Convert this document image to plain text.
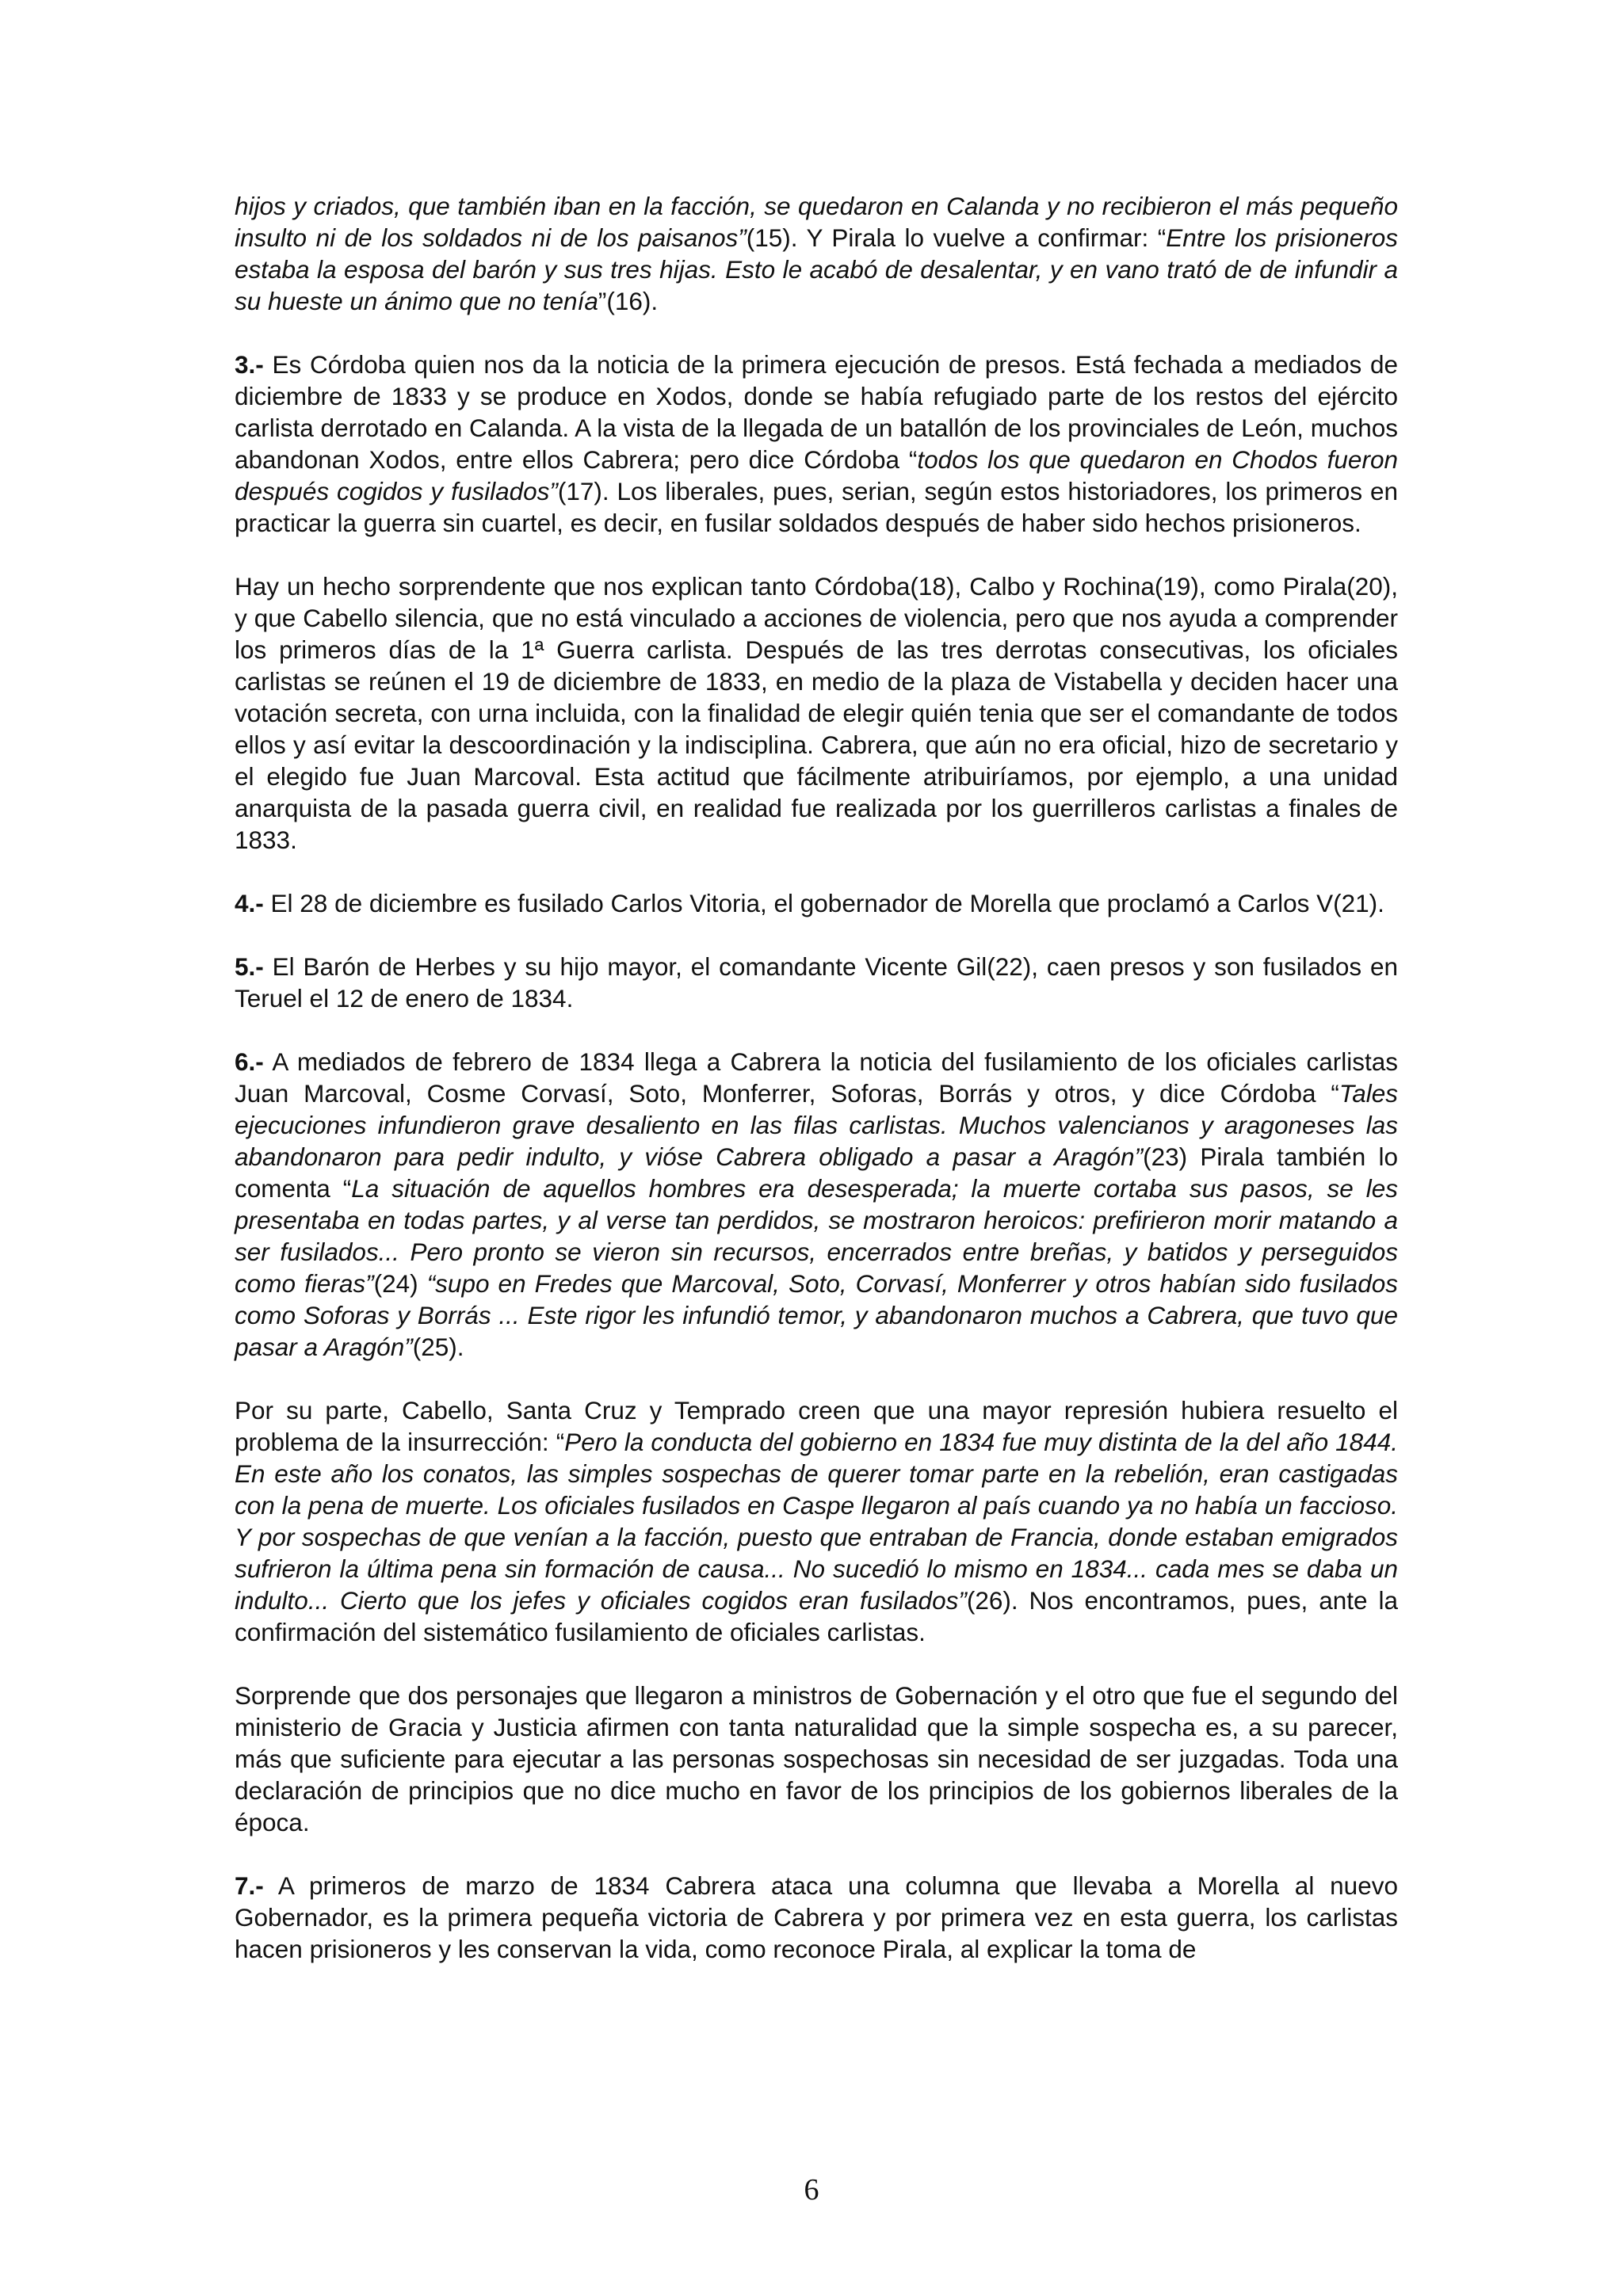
hijos y criados, que también iban en la facción, se quedaron en Calanda y no recibieron el más pequeño insulto ni de los soldados ni de los paisanos”(15). Y Pirala lo vuelve a confirmar: “Entre los prisioneros estaba la esposa del barón y sus tres hijas. Esto le acabó de desalentar, y en vano trató de de infundir a su hueste un ánimo que no tenía”(16).

3.- Es Córdoba quien nos da la noticia de la primera ejecución de presos. Está fechada a mediados de diciembre de 1833 y se produce en Xodos, donde se había refugiado parte de los restos del ejército carlista derrotado en Calanda. A la vista de la llegada de un batallón de los provinciales de León, muchos abandonan Xodos, entre ellos Cabrera; pero dice Córdoba “todos los que quedaron en Chodos fueron después cogidos y fusilados”(17). Los liberales, pues, serian, según estos historiadores, los primeros en practicar la guerra sin cuartel, es decir, en fusilar soldados después de haber sido hechos prisioneros.

Hay un hecho sorprendente que nos explican tanto Córdoba(18), Calbo y Rochina(19), como Pirala(20), y que Cabello silencia, que no está vinculado a acciones de violencia, pero que nos ayuda a comprender los primeros días de la 1ª Guerra carlista. Después de las tres derrotas consecutivas, los oficiales carlistas se reúnen el 19 de diciembre de 1833, en medio de la plaza de Vistabella y deciden hacer una votación secreta, con urna incluida, con la finalidad de elegir quién tenia que ser el comandante de todos ellos y así evitar la descoordinación y la indisciplina. Cabrera, que aún no era oficial, hizo de secretario y el elegido fue Juan Marcoval. Esta actitud que fácilmente atribuiríamos, por ejemplo, a una unidad anarquista de la pasada guerra civil, en realidad fue realizada por los guerrilleros carlistas a finales de 1833.

4.- El 28 de diciembre es fusilado Carlos Vitoria, el gobernador de Morella que proclamó a Carlos V(21).

5.- El Barón de Herbes y su hijo mayor, el comandante Vicente Gil(22), caen presos y son fusilados en Teruel el 12 de enero de 1834.

6.- A mediados de febrero de 1834 llega a Cabrera la noticia del fusilamiento de los oficiales carlistas Juan Marcoval, Cosme Corvasí, Soto, Monferrer, Soforas, Borrás y otros, y dice Córdoba “Tales ejecuciones infundieron grave desaliento en las filas carlistas. Muchos valencianos y aragoneses las abandonaron para pedir indulto, y vióse Cabrera obligado a pasar a Aragón”(23) Pirala también lo comenta “La situación de aquellos hombres era desesperada; la muerte cortaba sus pasos, se les presentaba en todas partes, y al verse tan perdidos, se mostraron heroicos: prefirieron morir matando a ser fusilados... Pero pronto se vieron sin recursos, encerrados entre breñas, y batidos y perseguidos como fieras”(24) “supo en Fredes que Marcoval, Soto, Corvasí, Monferrer y otros habían sido fusilados como Soforas y Borrás ... Este rigor les infundió temor, y abandonaron muchos a Cabrera, que tuvo que pasar a Aragón”(25).

Por su parte, Cabello, Santa Cruz y Temprado creen que una mayor represión hubiera resuelto el problema de la insurrección: “Pero la conducta del gobierno en 1834 fue muy distinta de la del año 1844. En este año los conatos, las simples sospechas de querer tomar parte en la rebelión, eran castigadas con la pena de muerte. Los oficiales fusilados en Caspe llegaron al país cuando ya no había un faccioso. Y por sospechas de que venían a la facción, puesto que entraban de Francia, donde estaban emigrados sufrieron la última pena sin formación de causa... No sucedió lo mismo en 1834... cada mes se daba un indulto... Cierto que los jefes y oficiales cogidos eran fusilados”(26). Nos encontramos, pues, ante la confirmación del sistemático fusilamiento de oficiales carlistas.

Sorprende que dos personajes que llegaron a ministros de Gobernación y el otro que fue el segundo del ministerio de Gracia y Justicia afirmen con tanta naturalidad que la simple sospecha es, a su parecer, más que suficiente para ejecutar a las personas sospechosas sin necesidad de ser juzgadas. Toda una declaración de principios que no dice mucho en favor de los principios de los gobiernos liberales de la época.

7.- A primeros de marzo de 1834 Cabrera ataca una columna que llevaba a Morella al nuevo Gobernador, es la primera pequeña victoria de Cabrera y por primera vez en esta guerra, los carlistas hacen prisioneros y les conservan la vida, como reconoce Pirala, al explicar la toma de

6
